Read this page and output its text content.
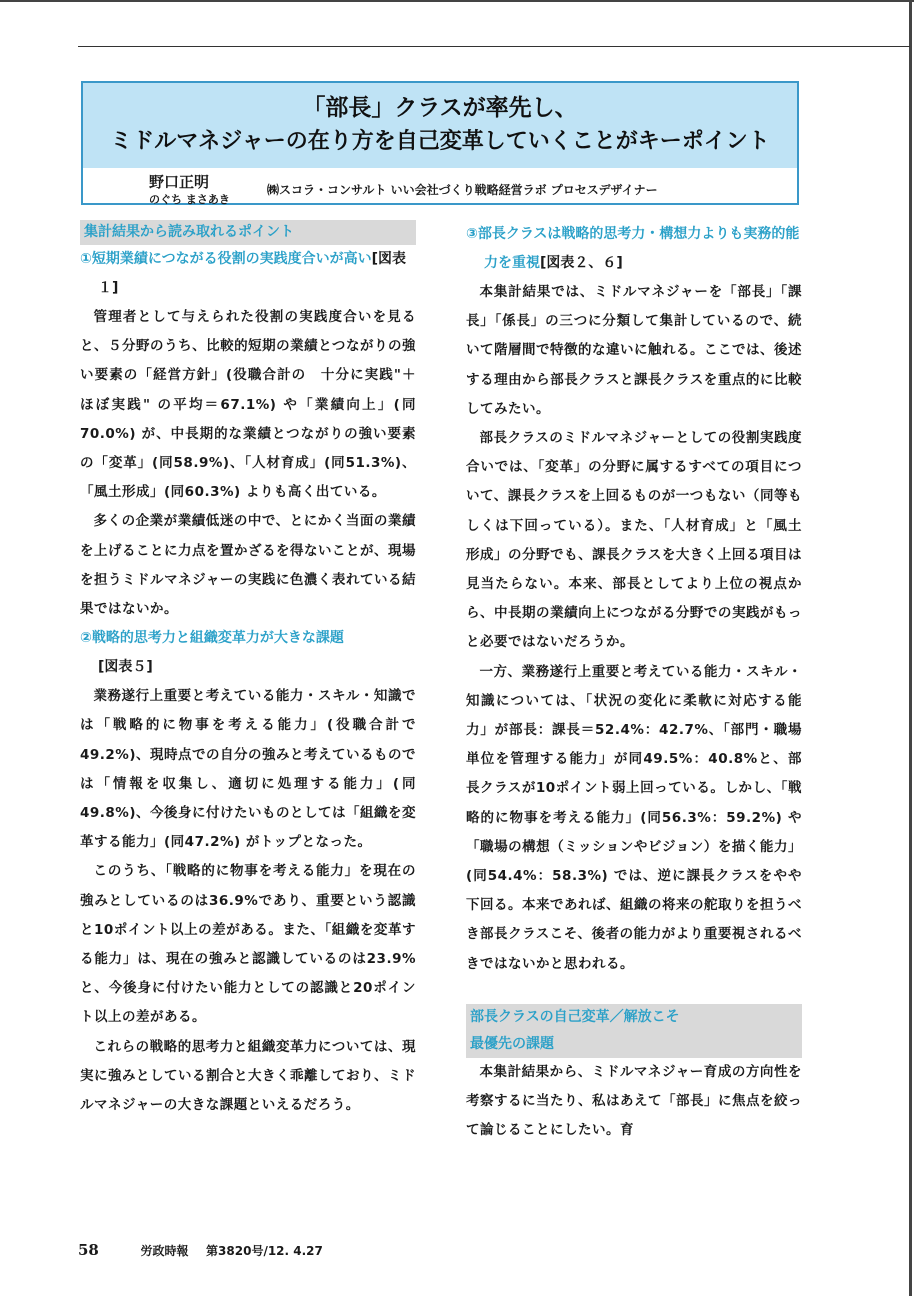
「部長」クラスが率先し、
ミドルマネジャーの在り方を自己変革していくことがキーポイント
野口正明
のぐち まさあき
㈱スコラ・コンサルト いい会社づくり戦略経営ラボ プロセスデザイナー
集計結果から読み取れるポイント
①短期業績につながる役割の実践度合いが高い[図表１]

管理者として与えられた役割の実践度合いを見ると、５分野のうち、比較的短期の業績とつながりの強い要素の「経営方針」(役職合計の　十分に実践"＋ ほぼ実践" の平均＝67.1%) や「業績向上」(同70.0%) が、中長期的な業績とつながりの強い要素の「変革」(同58.9%)、「人材育成」(同51.3%)、「風土形成」(同60.3%) よりも高く出ている。

多くの企業が業績低迷の中で、とにかく当面の業績を上げることに力点を置かざるを得ないことが、現場を担うミドルマネジャーの実践に色濃く表れている結果ではないか。

②戦略的思考力と組織変革力が大きな課題
[図表５]

業務遂行上重要と考えている能力・スキル・知識では「戦略的に物事を考える能力」(役職合計で49.2%)、現時点での自分の強みと考えているものでは「情報を収集し、適切に処理する能力」(同49.8%)、今後身に付けたいものとしては「組織を変革する能力」(同47.2%) がトップとなった。

このうち、「戦略的に物事を考える能力」を現在の強みとしているのは36.9%であり、重要という認識と10ポイント以上の差がある。また、「組織を変革する能力」は、現在の強みと認識しているのは23.9%と、今後身に付けたい能力としての認識と20ポイント以上の差がある。

これらの戦略的思考力と組織変革力については、現実に強みとしている割合と大きく乖離しており、ミドルマネジャーの大きな課題といえるだろう。

③部長クラスは戦略的思考力・構想力よりも実務的能力を重視[図表２、６]

本集計結果では、ミドルマネジャーを「部長」「課長」「係長」の三つに分類して集計しているので、続いて階層間で特徴的な違いに触れる。ここでは、後述する理由から部長クラスと課長クラスを重点的に比較してみたい。

部長クラスのミドルマネジャーとしての役割実践度合いでは、「変革」の分野に属するすべての項目について、課長クラスを上回るものが一つもない（同等もしくは下回っている）。また、「人材育成」と「風土形成」の分野でも、課長クラスを大きく上回る項目は見当たらない。本来、部長としてより上位の視点から、中長期の業績向上につながる分野での実践がもっと必要ではないだろうか。

一方、業務遂行上重要と考えている能力・スキル・知識については、「状況の変化に柔軟に対応する能力」が部長：課長＝52.4%：42.7%、「部門・職場単位を管理する能力」が同49.5%：40.8%と、部長クラスが10ポイント弱上回っている。しかし、「戦略的に物事を考える能力」(同56.3%：59.2%) や「職場の構想（ミッションやビジョン）を描く能力」(同54.4%：58.3%) では、逆に課長クラスをやや下回る。本来であれば、組織の将来の舵取りを担うべき部長クラスこそ、後者の能力がより重要視されるべきではないかと思われる。

部長クラスの自己変革／解放こそ最優先の課題

本集計結果から、ミドルマネジャー育成の方向性を考察するに当たり、私はあえて「部長」に焦点を絞って論じることにしたい。育

58	労政時報 第3820号/12. 4.27
